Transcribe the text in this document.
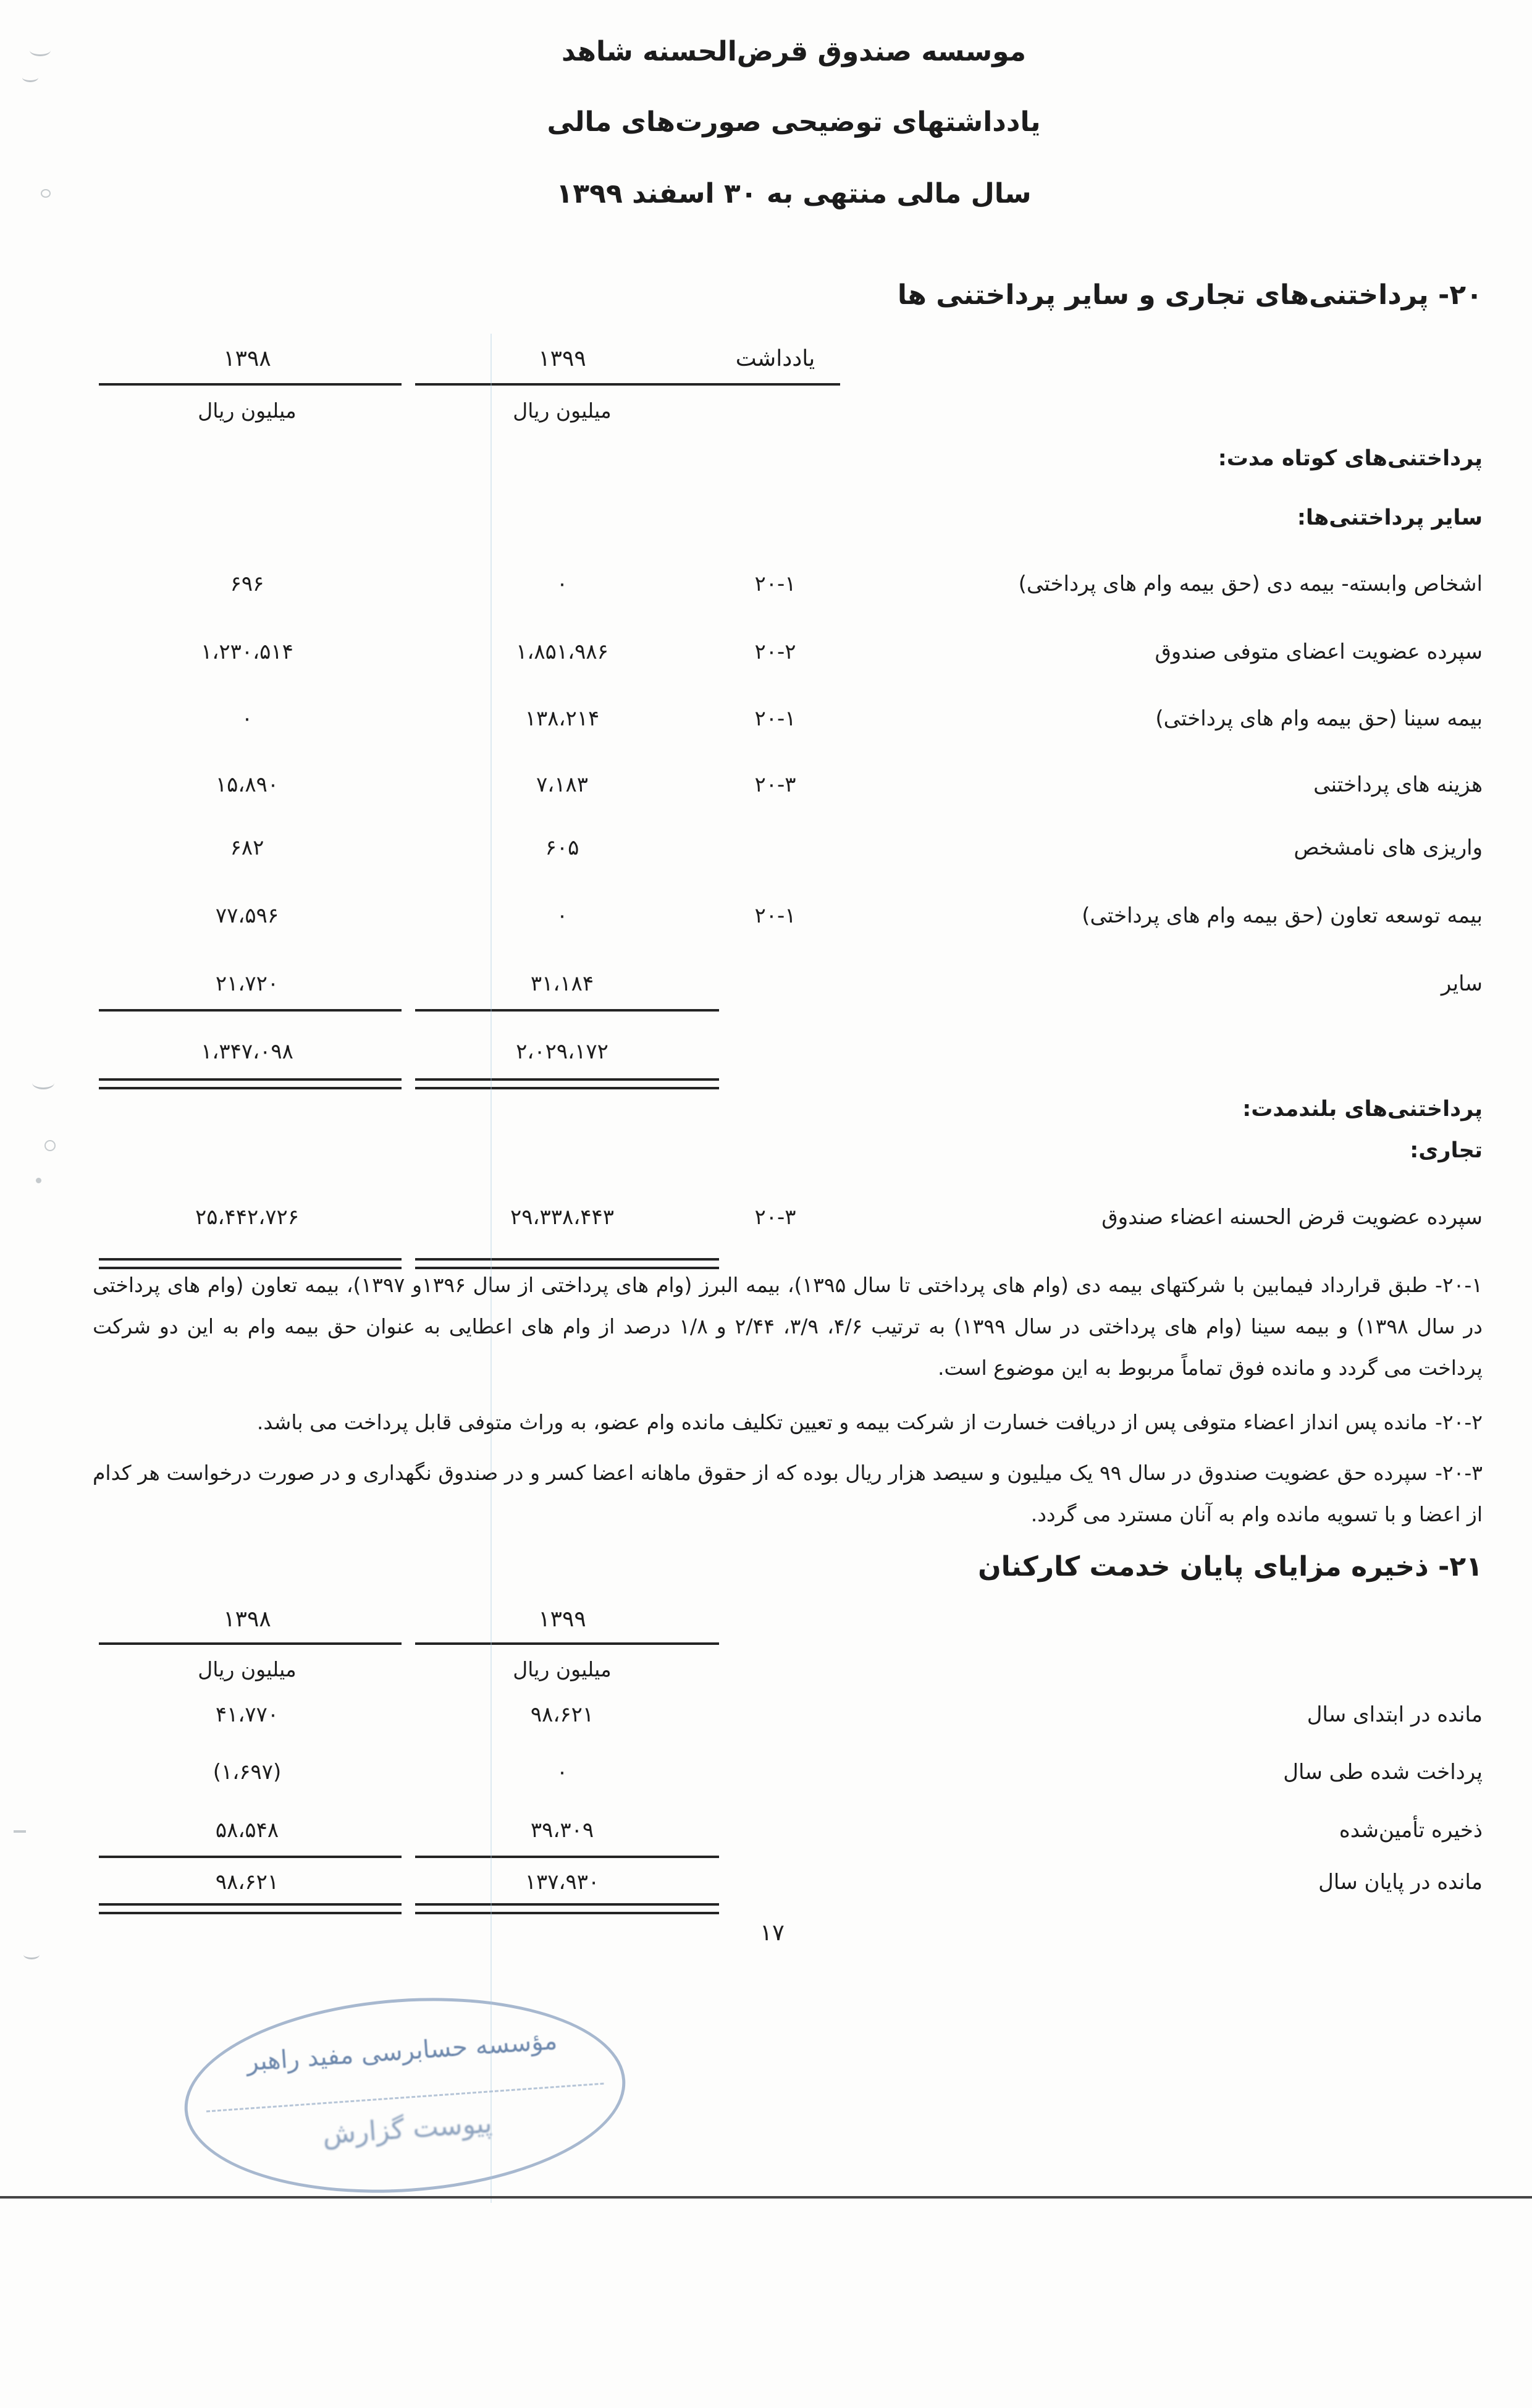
موسسه صندوق قرض‌الحسنه شاهد
یادداشتهای توضیحی صورت‌های مالی
سال مالی منتهی به ۳۰ اسفند ۱۳۹۹
۲۰- پرداختنی‌های تجاری و سایر پرداختنی ها
یادداشت
۱۳۹۹
۱۳۹۸
میلیون ریال
میلیون ریال
پرداختنی‌های کوتاه مدت:
سایر پرداختنی‌ها:
اشخاص وابسته- بیمه دی (حق بیمه وام های پرداختی)
۲۰-۱
۰
۶۹۶
سپرده عضویت اعضای متوفی صندوق
۲۰-۲
۱،۸۵۱،۹۸۶
۱،۲۳۰،۵۱۴
بیمه سینا (حق بیمه وام های پرداختی)
۲۰-۱
۱۳۸،۲۱۴
۰
هزینه های پرداختنی
۲۰-۳
۷،۱۸۳
۱۵،۸۹۰
واریزی های نامشخص
۶۰۵
۶۸۲
بیمه توسعه تعاون (حق بیمه وام های پرداختی)
۲۰-۱
۰
۷۷،۵۹۶
سایر
۳۱،۱۸۴
۲۱،۷۲۰
۲،۰۲۹،۱۷۲
۱،۳۴۷،۰۹۸
پرداختنی‌های بلندمدت:
تجاری:
سپرده عضویت قرض الحسنه اعضاء صندوق
۲۰-۳
۲۹،۳۳۸،۴۴۳
۲۵،۴۴۲،۷۲۶

-۲۰-۱طبق قرارداد فیمابین با شرکتهای بیمه دی (وام های پرداختی تا سال ۱۳۹۵)، بیمه البرز (وام های پرداختی از سال ۱۳۹۶و ۱۳۹۷)، بیمه تعاون (وام های پرداختی در سال ۱۳۹۸) و بیمه سینا (وام های پرداختی در سال ۱۳۹۹) به ترتیب ۴/۶، ۳/۹، ۲/۴۴ و ۱/۸ درصد از وام های اعطایی به عنوان حق بیمه وام به این دو شرکت پرداخت می گردد و مانده فوق تماماً مربوط به این موضوع است.

-۲۰-۲مانده پس انداز اعضاء متوفی پس از دریافت خسارت از شرکت بیمه و تعیین تکلیف مانده وام عضو، به وراث متوفی قابل پرداخت می باشد.

-۲۰-۳سپرده حق عضویت صندوق در سال ۹۹ یک میلیون و سیصد هزار ریال بوده که از حقوق ماهانه اعضا کسر و در صندوق نگهداری و در صورت درخواست هر کدام از اعضا و با تسویه مانده وام به آنان مسترد می گردد.

۲۱- ذخیره مزایای پایان خدمت کارکنان
۱۳۹۹
۱۳۹۸
میلیون ریال
میلیون ریال
مانده در ابتدای سال
۹۸،۶۲۱
۴۱،۷۷۰
پرداخت شده طی سال
۰
(۱،۶۹۷)
ذخیره تأمین‌شده
۳۹،۳۰۹
۵۸،۵۴۸
مانده در پایان سال
۱۳۷،۹۳۰
۹۸،۶۲۱
۱۷
مؤسسه حسابرسی مفید راهبر
پیوست گزارش
